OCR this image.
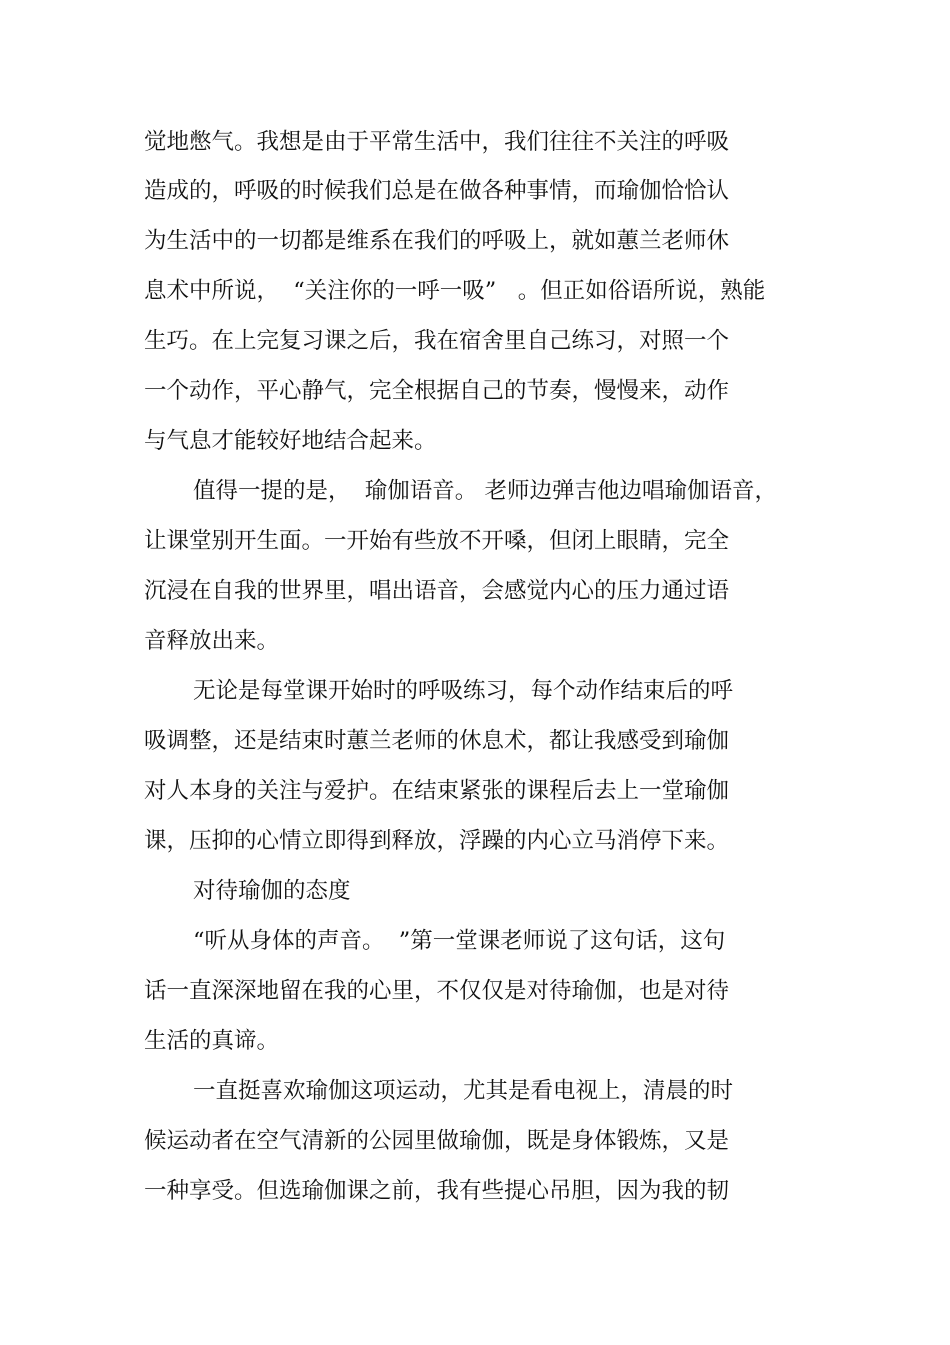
觉地憋气。我想是由于平常生活中，我们往往不关注的呼吸

造成的，呼吸的时候我们总是在做各种事情，而瑜伽恰恰认

为生活中的一切都是维系在我们的呼吸上，就如蕙兰老师休

息术中所说，  “关注你的一呼一吸”   。但正如俗语所说，熟能

生巧。在上完复习课之后，我在宿舍里自己练习，对照一个

一个动作，平心静气，完全根据自己的节奏，慢慢来，动作

与气息才能较好地结合起来。

值得一提的是，  瑜伽语音。 老师边弹吉他边唱瑜伽语音，

让课堂别开生面。一开始有些放不开嗓，但闭上眼睛，完全

沉浸在自我的世界里，唱出语音，会感觉内心的压力通过语

音释放出来。

无论是每堂课开始时的呼吸练习，每个动作结束后的呼

吸调整，还是结束时蕙兰老师的休息术，都让我感受到瑜伽

对人本身的关注与爱护。在结束紧张的课程后去上一堂瑜伽

课，压抑的心情立即得到释放，浮躁的内心立马消停下来。

对待瑜伽的态度

“听从身体的声音。  ”第一堂课老师说了这句话，这句

话一直深深地留在我的心里，不仅仅是对待瑜伽，也是对待

生活的真谛。

一直挺喜欢瑜伽这项运动，尤其是看电视上，清晨的时

候运动者在空气清新的公园里做瑜伽，既是身体锻炼，又是

一种享受。但选瑜伽课之前，我有些提心吊胆，因为我的韧
